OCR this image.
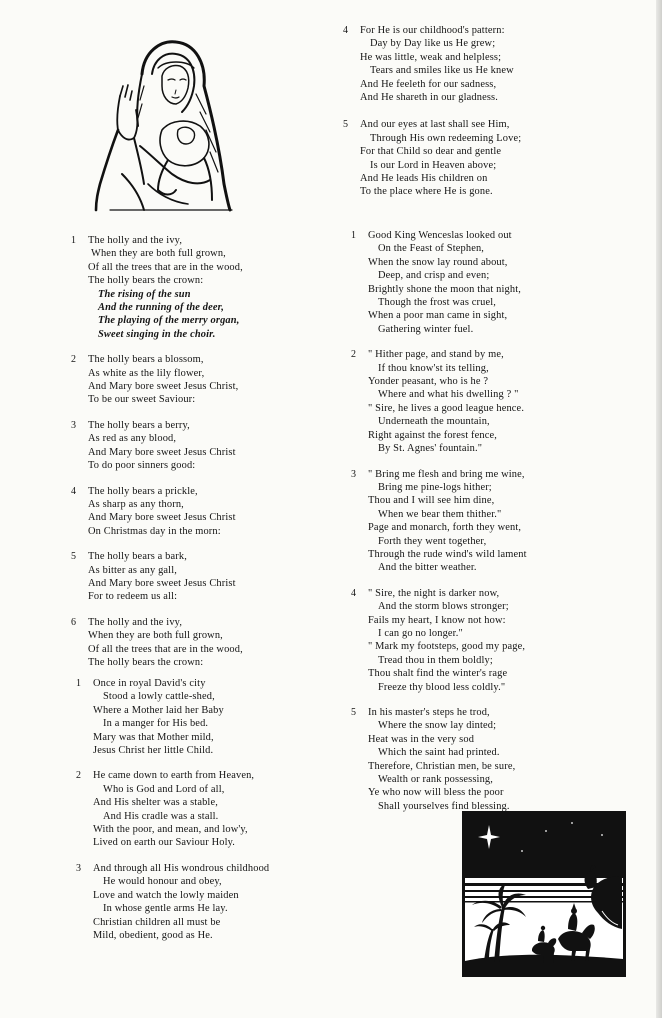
4 For He is our childhood's pattern:
Day by Day like us He grew;
He was little, weak and helpless;
Tears and smiles like us He knew
And He feeleth for our sadness,
And He shareth in our gladness.
5 And our eyes at last shall see Him,
Through His own redeeming Love;
For that Child so dear and gentle
Is our Lord in Heaven above;
And He leads His children on
To the place where He is gone.
1 The holly and the ivy,
When they are both full grown,
Of all the trees that are in the wood,
The holly bears the crown:
The rising of the sun
And the running of the deer,
The playing of the merry organ,
Sweet singing in the choir.
2 The holly bears a blossom,
As white as the lily flower,
And Mary bore sweet Jesus Christ,
To be our sweet Saviour:
3 The holly bears a berry,
As red as any blood,
And Mary bore sweet Jesus Christ
To do poor sinners good:
4 The holly bears a prickle,
As sharp as any thorn,
And Mary bore sweet Jesus Christ
On Christmas day in the morn:
5 The holly bears a bark,
As bitter as any gall,
And Mary bore sweet Jesus Christ
For to redeem us all:
6 The holly and the ivy,
When they are both full grown,
Of all the trees that are in the wood,
The holly bears the crown:
1 Once in royal David's city
Stood a lowly cattle-shed,
Where a Mother laid her Baby
In a manger for His bed.
Mary was that Mother mild,
Jesus Christ her little Child.
2 He came down to earth from Heaven,
Who is God and Lord of all,
And His shelter was a stable,
And His cradle was a stall.
With the poor, and mean, and low'y,
Lived on earth our Saviour Holy.
3 And through all His wondrous childhood
He would honour and obey,
Love and watch the lowly maiden
In whose gentle arms He lay.
Christian children all must be
Mild, obedient, good as He.
1 Good King Wenceslas looked out
On the Feast of Stephen,
When the snow lay round about,
Deep, and crisp and even;
Brightly shone the moon that night,
Though the frost was cruel,
When a poor man came in sight,
Gathering winter fuel.
2 " Hither page, and stand by me,
If thou know'st its telling,
Yonder peasant, who is he ?
Where and what his dwelling ? "
" Sire, he lives a good league hence.
Underneath the mountain,
Right against the forest fence,
By St. Agnes' fountain."
3 " Bring me flesh and bring me wine,
Bring me pine-logs hither;
Thou and I will see him dine,
When we bear them thither."
Page and monarch, forth they went,
Forth they went together,
Through the rude wind's wild lament
And the bitter weather.
4 " Sire, the night is darker now,
And the storm blows stronger;
Fails my heart, I know not how:
I can go no longer."
" Mark my footsteps, good my page,
Tread thou in them boldly;
Thou shalt find the winter's rage
Freeze thy blood less coldly."
5 In his master's steps he trod,
Where the snow lay dinted;
Heat was in the very sod
Which the saint had printed.
Therefore, Christian men, be sure,
Wealth or rank possessing,
Ye who now will bless the poor
Shall yourselves find blessing.
